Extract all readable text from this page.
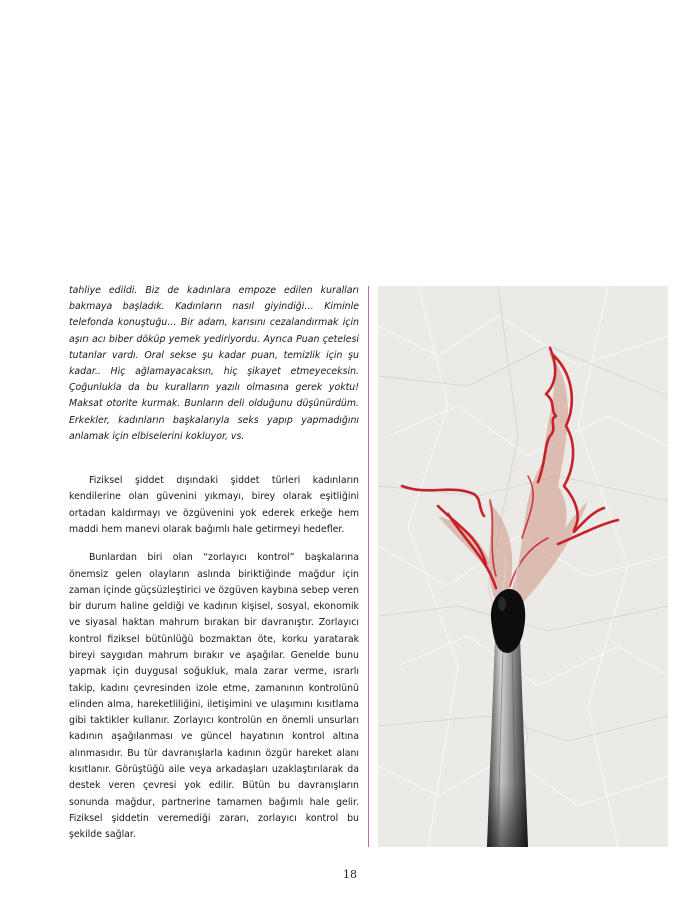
tahliye edildi. Biz de kadınlara empoze edilen kuralları bakmaya başladık. Kadınların nasıl giyindiği… Kiminle telefonda konuştuğu… Bir adam, karısını cezalandırmak için aşırı acı biber döküp yemek yediriyordu. Ayrıca Puan çetelesi tutanlar vardı. Oral sekse şu kadar puan, temizlik için şu kadar.. Hiç ağlamayacaksın, hiç şikayet etmeyeceksin. Çoğunlukla da bu kuralların yazılı olmasına gerek yoktu! Maksat otorite kurmak. Bunların deli olduğunu düşünürdüm. Erkekler, kadınların başkalarıyla seks yapıp yapmadığını anlamak için elbiselerini kokluyor, vs.

Fiziksel şiddet dışındaki şiddet türleri kadınların kendilerine olan güvenini yıkmayı, birey olarak eşitliğini ortadan kaldırmayı ve özgüvenini yok ederek erkeğe hem maddi hem manevi olarak bağımlı hale getirmeyi hedefler.

Bunlardan biri olan “zorlayıcı kontrol” başkalarına önemsiz gelen olayların aslında biriktiğinde mağdur için zaman içinde güçsüzleştirici ve özgüven kaybına sebep veren bir durum haline geldiği ve kadının kişisel, sosyal, ekonomik ve siyasal haktan mahrum bırakan bir davranıştır. Zorlayıcı kontrol fiziksel bütünlüğü bozmaktan öte, korku yaratarak bireyi saygıdan mahrum bırakır ve aşağılar. Genelde bunu yapmak için duygusal soğukluk, mala zarar verme, ısrarlı takip, kadını çevresinden izole etme, zamanının kontrolünü elinden alma, hareketliliğini, iletişimini ve ulaşımını kısıtlama gibi taktikler kullanır. Zorlayıcı kontrolün en önemli unsurları kadının aşağılanması ve güncel hayatının kontrol altına alınmasıdır. Bu tür davranışlarla kadının özgür hareket alanı kısıtlanır. Görüştüğü aile veya arkadaşları uzaklaştırılarak da destek veren çevresi yok edilir. Bütün bu davranışların sonunda mağdur, partnerine tamamen bağımlı hale gelir. Fiziksel şiddetin veremediği zararı, zorlayıcı kontrol bu şekilde sağlar.

18
